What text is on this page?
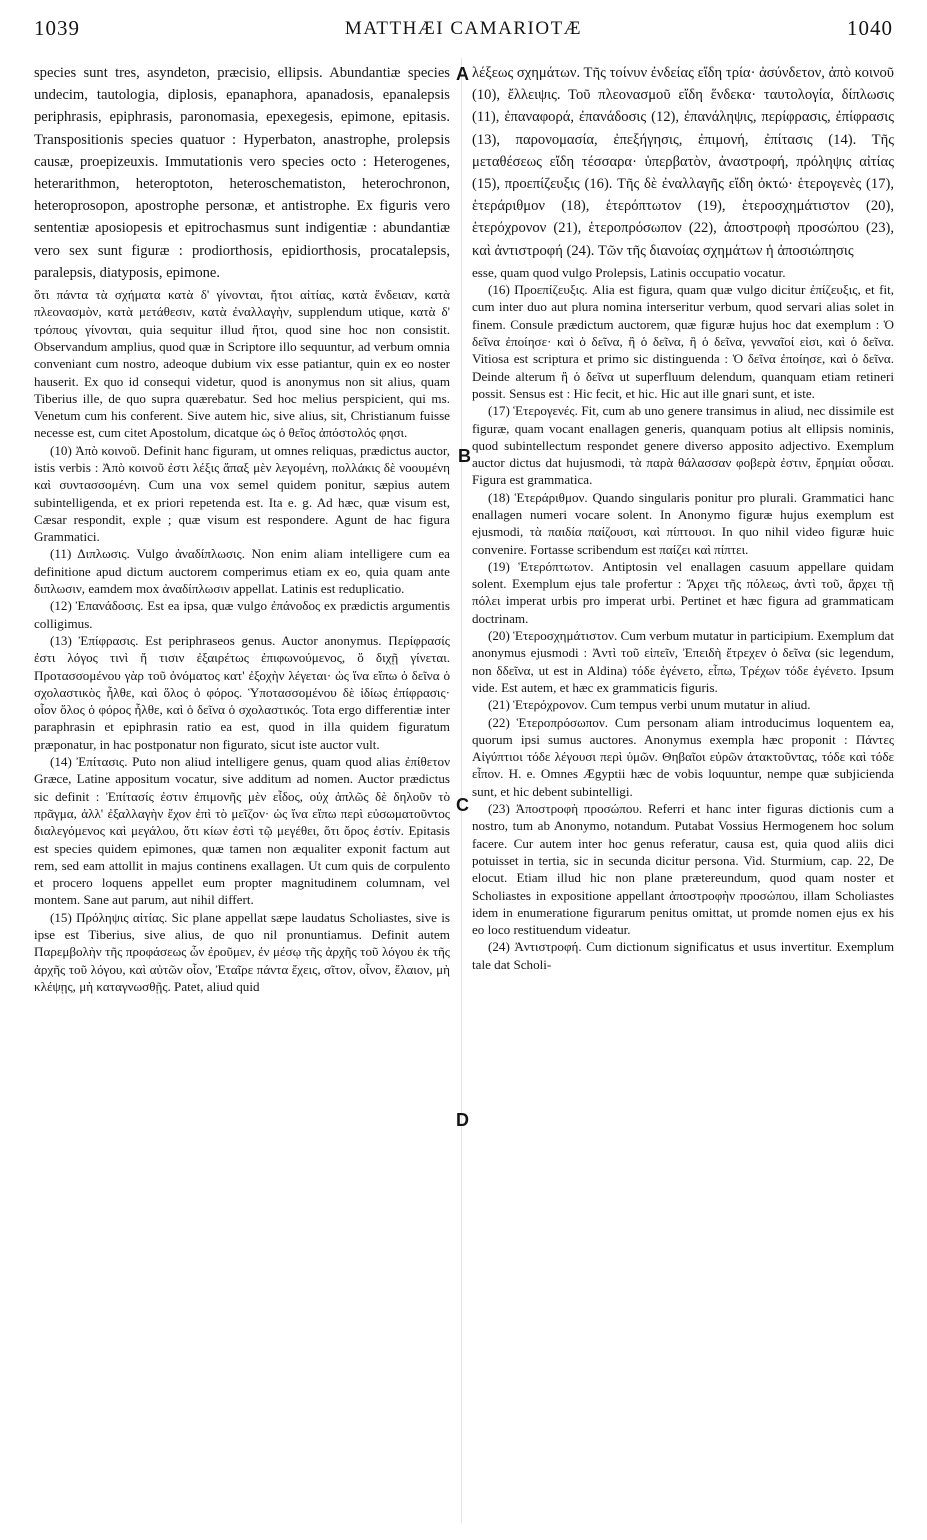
1039	MATTHÆI CAMARIOTÆ	1040
A
B
C
D
species sunt tres, asyndeton, præcisio, ellipsis. Abundantiæ species undecim, tautologia, diplosis, epanaphora, apanadosis, epanalepsis periphrasis, epiphrasis, paronomasia, epexegesis, epimone, epitasis. Transpositionis species quatuor : Hyperbaton, anastrophe, prolepsis causæ, proepizeuxis. Immutationis vero species octo : Heterogenes, heterarithmon, heteroptoton, heteroschematiston, heterochronon, heteroprosopon, apostrophe personæ, et antistrophe. Ex figuris vero sententiæ aposiopesis et epitrochasmus sunt indigentiæ : abundantiæ vero sex sunt figuræ : prodiorthosis, epidiorthosis, procatalepsis, paralepsis, diatyposis, epimone.

ὅτι πάντα τὰ σχήματα κατὰ δ' γίνονται, ἤτοι αἰτίας, κατὰ ἔνδειαν, κατὰ πλεονασμὸν, κατὰ μετάθεσιν, κατὰ ἐναλλαγὴν, supplendum utique, κατὰ δ' τρόπους γίνονται, quia sequitur illud ἤτοι, quod sine hoc non consistit. Observandum amplius, quod quæ in Scriptore illo sequuntur, ad verbum omnia conveniant cum nostro, adeoque dubium vix esse patiantur, quin ex eo noster hauserit. Ex quo id consequi videtur, quod is anonymus non sit alius, quam Tiberius ille, de quo supra quærebatur. Sed hoc melius perspicient, qui ms. Venetum cum his conferent. Sive autem hic, sive alius, sit, Christianum fuisse necesse est, cum citet Apostolum, dicatque ὡς ὁ θεῖος ἀπόστολός φησι.

(10) Ἀπὸ κοινοῦ. Definit hanc figuram, ut omnes reliquas, prædictus auctor, istis verbis : Ἀπὸ κοινοῦ ἐστι λέξις ἅπαξ μὲν λεγομένη, πολλάκις δὲ νοουμένη καὶ συντασσομένη. Cum una vox semel quidem ponitur, sæpius autem subintelligenda, et ex priori repetenda est. Ita e. g. Ad hæc, quæ visum est, Cæsar respondit, exple ; quæ visum est respondere. Agunt de hac figura Grammatici.

(11) Διπλωσις. Vulgo ἀναδίπλωσις. Non enim aliam intelligere cum ea definitione apud dictum auctorem comperimus etiam ex eo, quia quam ante διπλωσιν, eamdem mox ἀναδίπλωσιν appellat. Latinis est reduplicatio.

(12) Ἐπανάδοσις. Est ea ipsa, quæ vulgo ἐπάνοδος ex prædictis argumentis colligimus.

(13) Ἐπίφρασις. Est periphraseos genus. Auctor anonymus. Περίφρασίς ἐστι λόγος τινὶ ἤ τισιν ἐξαιρέτως ἐπιφωνούμενος, ὅ διχῇ γίνεται. Προτασσομένου γὰρ τοῦ ὀνόματος κατ' ἐξοχὴν λέγεται· ὡς ἵνα εἴπω ὁ δεῖνα ὁ σχολαστικὸς ἦλθε, καὶ ὅλος ὁ φόρος. Ὑποτασσομένου δὲ ἰδίως ἐπίφρασις· οἷον ὅλος ὁ φόρος ἦλθε, καὶ ὁ δεῖνα ὁ σχολαστικός. Tota ergo differentiæ inter paraphrasin et epiphrasin ratio ea est, quod in illa quidem figuratum præponatur, in hac postponatur non figurato, sicut iste auctor vult.

(14) Ἐπίτασις. Puto non aliud intelligere genus, quam quod alias ἐπίθετον Græce, Latine appositum vocatur, sive additum ad nomen. Auctor prædictus sic definit : Ἐπίτασίς ἐστιν ἐπιμονῆς μὲν εἶδος, οὐχ ἁπλῶς δὲ δηλοῦν τὸ πρᾶγμα, ἀλλ' ἐξαλλαγὴν ἔχον ἐπὶ τὸ μεῖζον· ὡς ἵνα εἴπω περὶ εὐσωματοῦντος διαλεγόμενος καὶ μεγάλου, ὅτι κίων ἐστὶ τῷ μεγέθει, ὅτι ὄρος ἐστίν. Epitasis est species quidem epimones, quæ tamen non æqualiter exponit factum aut rem, sed eam attollit in majus continens exallagen. Ut cum quis de corpulento et procero loquens appellet eum propter magnitudinem columnam, vel montem. Sane aut parum, aut nihil differt.

(15) Πρόληψις αἰτίας. Sic plane appellat sæpe laudatus Scholiastes, sive is ipse est Tiberius, sive alius, de quo nil pronuntiamus. Definit autem Παρεμβολὴν τῆς προφάσεως ὧν ἐροῦμεν, ἐν μέσῳ τῆς ἀρχῆς τοῦ λόγου ἐκ τῆς ἀρχῆς τοῦ λόγου, καὶ αὐτῶν οἷον, Ἐταῖρε πάντα ἔχεις, σῖτον, οἶνον, ἔλαιον, μὴ κλέψῃς, μὴ καταγνωσθῇς. Patet, aliud quid

λέξεως σχημάτων. Τῆς τοίνυν ἐνδείας εἴδη τρία· ἀσύνδετον, ἀπὸ κοινοῦ (10), ἔλλειψις. Τοῦ πλεονασμοῦ εἴδη ἕνδεκα· ταυτολογία, δίπλωσις (11), ἐπαναφορά, ἐπανάδοσις (12), ἐπανάληψις, περίφρασις, ἐπίφρασις (13), παρονομασία, ἐπεξήγησις, ἐπιμονή, ἐπίτασις (14). Τῆς μεταθέσεως εἴδη τέσσαρα· ὑπερβατὸν, ἀναστροφή, πρόληψις αἰτίας (15), προεπίζευξις (16). Τῆς δὲ ἐναλλαγῆς εἴδη ὀκτώ· ἑτερογενὲς (17), ἑτεράριθμον (18), ἑτερόπτωτον (19), ἑτεροσχημάτιστον (20), ἑτερόχρονον (21), ἑτεροπρόσωπον (22), ἀποστροφὴ προσώπου (23), καὶ ἀντιστροφή (24). Τῶν τῆς διανοίας σχημάτων ἡ ἀποσιώπησις

esse, quam quod vulgo Prolepsis, Latinis occupatio vocatur.

(16) Προεπίζευξις. Alia est figura, quam quæ vulgo dicitur ἐπίζευξις, et fit, cum inter duo aut plura nomina interseritur verbum, quod servari alias solet in finem. Consule prædictum auctorem, quæ figuræ hujus hoc dat exemplum : Ὁ δεῖνα ἐποίησε· καὶ ὁ δεῖνα, ἢ ὁ δεῖνα, ἢ ὁ δεῖνα, γενναῖοί εἰσι, καὶ ὁ δεῖνα. Vitiosa est scriptura et primo sic distinguenda : Ὁ δεῖνα ἐποίησε, καὶ ὁ δεῖνα. Deinde alterum ἢ ὁ δεῖνα ut superfluum delendum, quanquam etiam retineri possit. Sensus est : Hic fecit, et hic. Hic aut ille gnari sunt, et iste.

(17) Ἑτερογενές. Fit, cum ab uno genere transimus in aliud, nec dissimile est figuræ, quam vocant enallagen generis, quanquam potius alt ellipsis nominis, quod subintellectum respondet genere diverso apposito adjectivo. Exemplum auctor dictus dat hujusmodi, τὰ παρὰ θάλασσαν φοβερὰ ἐστιν, ἔρημίαι οὖσαι. Figura est grammatica.

(18) Ἑτεράριθμον. Quando singularis ponitur pro plurali. Grammatici hanc enallagen numeri vocare solent. In Anonymo figuræ hujus exemplum est ejusmodi, τὰ παιδία παίζουσι, καὶ πίπτουσι. In quo nihil video figuræ huic convenire. Fortasse scribendum est παίζει καὶ πίπτει.

(19) Ἑτερόπτωτον. Antiptosin vel enallagen casuum appellare quidam solent. Exemplum ejus tale profertur : Ἄρχει τῆς πόλεως, ἀντὶ τοῦ, ἄρχει τῇ πόλει imperat urbis pro imperat urbi. Pertinet et hæc figura ad grammaticam doctrinam.

(20) Ἑτεροσχημάτιστον. Cum verbum mutatur in participium. Exemplum dat anonymus ejusmodi : Ἀντὶ τοῦ εἰπεῖν, Ἐπειδὴ ἔτρεχεν ὁ δεῖνα (sic legendum, non δδεῖνα, ut est in Aldina) τόδε ἐγένετο, εἶπω, Τρέχων τόδε ἐγένετο. Ipsum vide. Est autem, et hæc ex grammaticis figuris.

(21) Ἑτερόχρονον. Cum tempus verbi unum mutatur in aliud.

(22) Ἑτεροπρόσωπον. Cum personam aliam introducimus loquentem ea, quorum ipsi sumus auctores. Anonymus exempla hæc proponit : Πάντες Αἰγύπτιοι τόδε λέγουσι περὶ ὑμῶν. Θηβαῖοι εὐρῶν ἀτακτοῦντας, τόδε καὶ τόδε εἶπον. H. e. Omnes Ægyptii hæc de vobis loquuntur, nempe quæ subjicienda sunt, et hic debent subintelligi.

(23) Ἀποστροφὴ προσώπου. Referri et hanc inter figuras dictionis cum a nostro, tum ab Anonymo, notandum. Putabat Vossius Hermogenem hoc solum facere. Cur autem inter hoc genus referatur, causa est, quia quod aliis dici potuisset in tertia, sic in secunda dicitur persona. Vid. Sturmium, cap. 22, De elocut. Etiam illud hic non plane prætereundum, quod quam noster et Scholiastes in expositione appellant ἀποστροφὴν προσώπου, illam Scholiastes idem in enumeratione figurarum penitus omittat, ut promde nomen ejus ex his eo loco restituendum videatur.

(24) Ἀντιστροφή. Cum dictionum significatus et usus invertitur. Exemplum tale dat Scholi-
